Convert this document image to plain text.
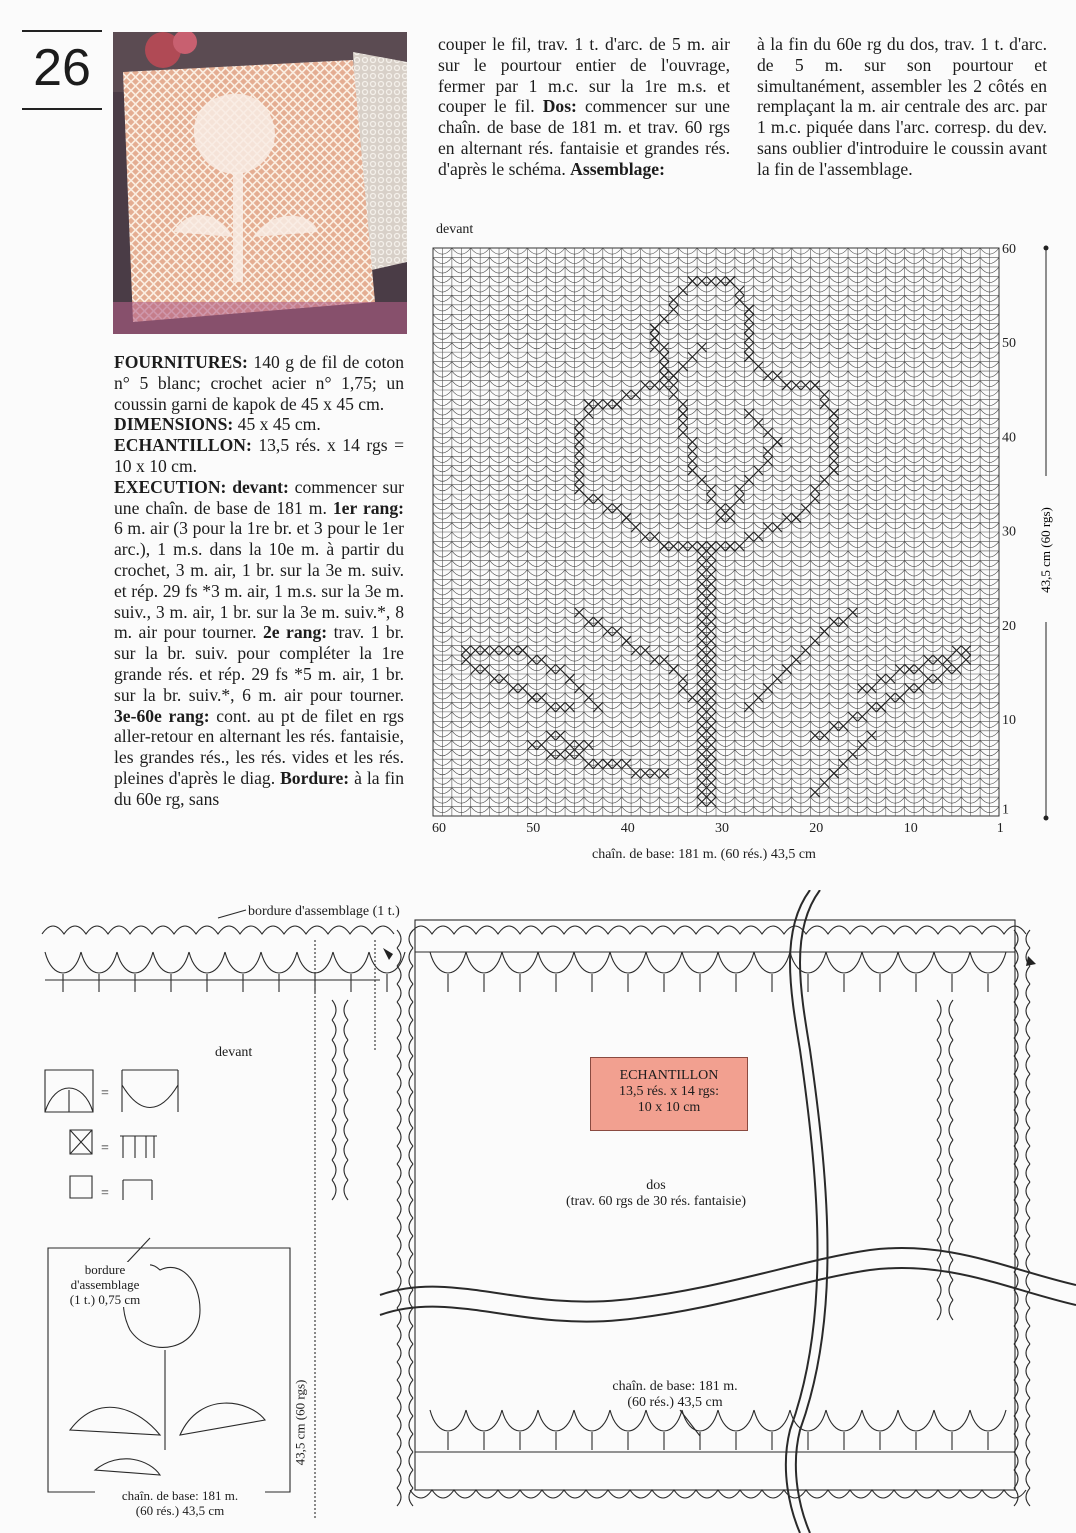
26
FOURNITURES: 140 g de fil de coton n° 5 blanc; crochet acier n° 1,75; un coussin garni de kapok de 45 x 45 cm.
DIMENSIONS: 45 x 45 cm.
ECHANTILLON: 13,5 rés. x 14 rgs = 10 x 10 cm.
EXECUTION: devant: commencer sur une chaîn. de base de 181 m. 1er rang: 6 m. air (3 pour la 1re br. et 3 pour le 1er arc.), 1 m.s. dans la 10e m. à partir du crochet, 3 m. air, 1 br. sur la 3e m. suiv. et rép. 29 fs *3 m. air, 1 m.s. sur la 3e m. suiv., 3 m. air, 1 br. sur la 3e m. suiv.*, 8 m. air pour tourner. 2e rang: trav. 1 br. sur la br. suiv. pour compléter la 1re grande rés. et rép. 29 fs *5 m. air, 1 br. sur la br. suiv.*, 6 m. air pour tourner. 3e-60e rang: cont. au pt de filet en rgs aller-retour en alternant les rés. fantaisie, les grandes rés., les rés. vides et les rés. pleines d'après le diag. Bordure: à la fin du 60e rg, sans
couper le fil, trav. 1 t. d'arc. de 5 m. air sur le pourtour entier de l'ouvrage, fermer par 1 m.c. sur la 1re m.s. et couper le fil. Dos: commencer sur une chaîn. de base de 181 m. et trav. 60 rgs en alternant rés. fantaisie et grandes rés. d'après le schéma. Assemblage:
à la fin du 60e rg du dos, trav. 1 t. d'arc. de 5 m. sur son pourtour et simultanément, assembler les 2 côtés en remplaçant la m. air centrale des arc. par 1 m.c. piquée dans l'arc. corresp. du dev. sans oublier d'introduire le coussin avant la fin de l'assemblage.
devant
60	50	40	30	20	10	1
60
50
40
30
20
10
1
43,5 cm (60 rgs)
chaîn. de base: 181 m. (60 rés.) 43,5 cm
bordure d'assemblage (1 t.)
devant
=
=
=
ECHANTILLON
13,5 rés. x 14 rgs:
10 x 10 cm
dos
(trav. 60 rgs de 30 rés. fantaisie)
chaîn. de base: 181 m.
(60 rés.) 43,5 cm
bordure
d'assemblage
(1 t.) 0,75 cm
43,5 cm (60 rgs)
chaîn. de base: 181 m.
(60 rés.) 43,5 cm
